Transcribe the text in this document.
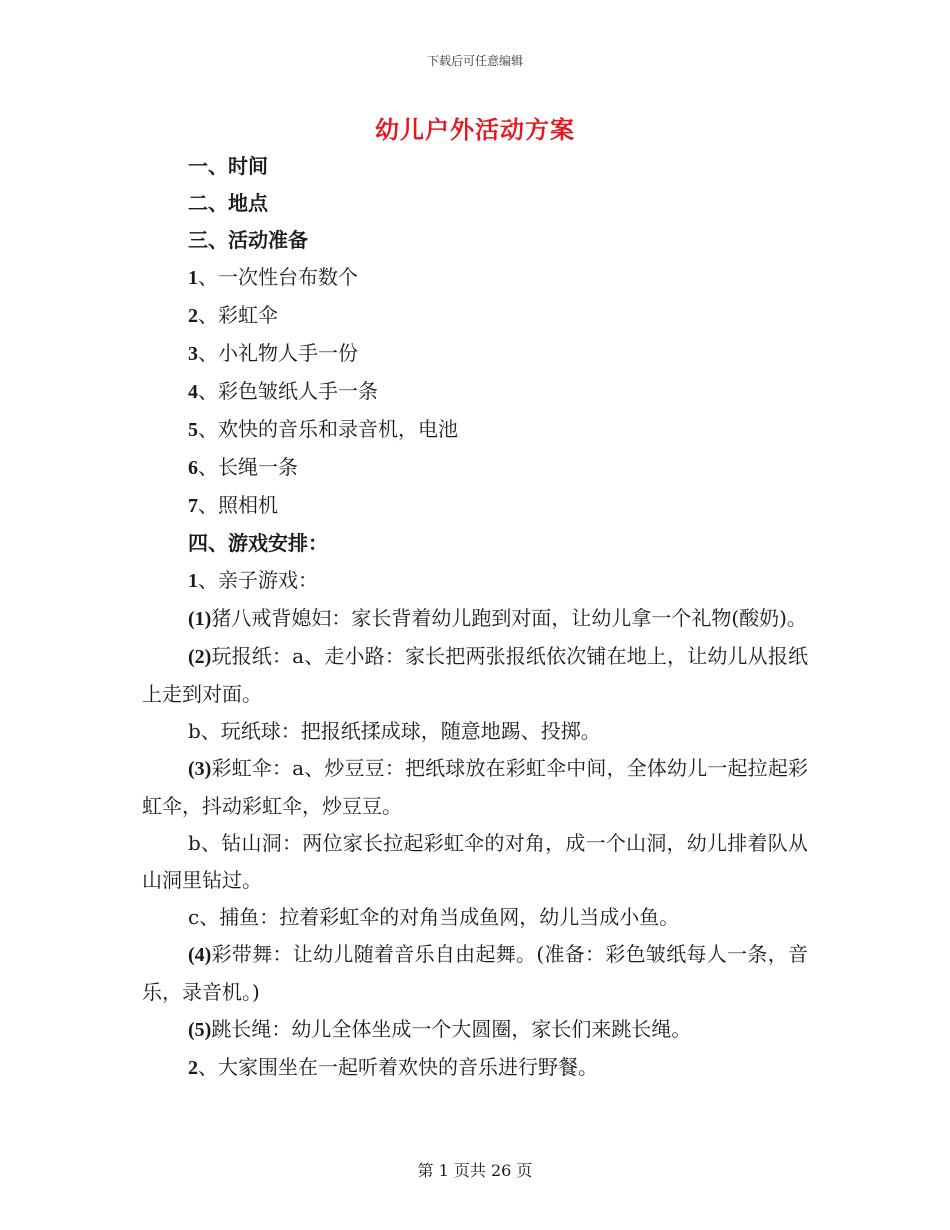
下载后可任意编辑
幼儿户外活动方案
一、时间
二、地点
三、活动准备
1、一次性台布数个
2、彩虹伞
3、小礼物人手一份
4、彩色皱纸人手一条
5、欢快的音乐和录音机，电池
6、长绳一条
7、照相机
四、游戏安排：
1、亲子游戏：
(1)猪八戒背媳妇：家长背着幼儿跑到对面，让幼儿拿一个礼物(酸奶)。
(2)玩报纸：a、走小路：家长把两张报纸依次铺在地上，让幼儿从报纸上走到对面。
b、玩纸球：把报纸揉成球，随意地踢、投掷。
(3)彩虹伞：a、炒豆豆：把纸球放在彩虹伞中间，全体幼儿一起拉起彩虹伞，抖动彩虹伞，炒豆豆。
b、钻山洞：两位家长拉起彩虹伞的对角，成一个山洞，幼儿排着队从山洞里钻过。
c、捕鱼：拉着彩虹伞的对角当成鱼网，幼儿当成小鱼。
(4)彩带舞：让幼儿随着音乐自由起舞。(准备：彩色皱纸每人一条，音乐，录音机。)
(5)跳长绳：幼儿全体坐成一个大圆圈，家长们来跳长绳。
2、大家围坐在一起听着欢快的音乐进行野餐。
第 1 页共 26 页
